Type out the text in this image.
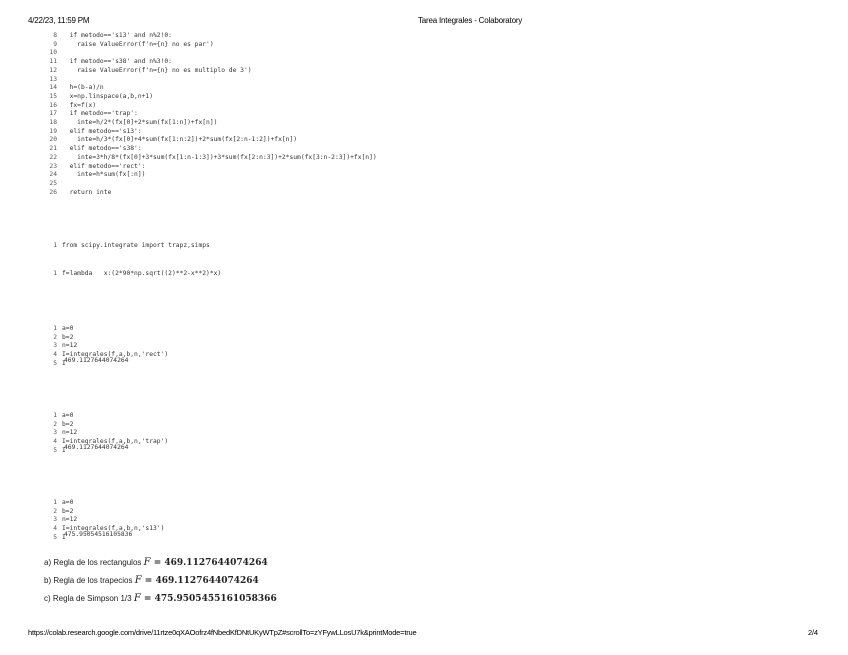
4/22/23, 11:59 PM	Tarea Integrales - Colaboratory
8  if metodo=='s13' and n%2!0:
9    raise ValueError(f'n={n} no es par')
10
11  if metodo=='s38' and n%3!0:
12    raise ValueError(f'n={n} no es multiplo de 3')
13
14  h=(b-a)/n
15  x=np.linspace(a,b,n+1)
16  fx=f(x)
17  if metodo=='trap':
18    inte=h/2*(fx[0]+2*sum(fx[1:n])+fx[n])
19  elif metodo=='s13':
20    inte=h/3*(fx[0]+4*sum(fx[1:n:2])+2*sum(fx[2:n-1:2])+fx[n])
21  elif metodo=='s38':
22    inte=3*h/8*(fx[0]+3*sum(fx[1:n-1:3])+3*sum(fx[2:n:3])+2*sum(fx[3:n-2:3])+fx[n])
23  elif metodo=='rect':
24    inte=h*sum(fx[:n])
25
26  return inte
1 from scipy.integrate import trapz,simps
1 f=lambda   x:(2*90*np.sqrt((2)**2-x**2)*x)
1 a=0
2 b=2
3 n=12
4 I=integrales(f,a,b,n,'rect')
5 I
469.1127644074264
1 a=0
2 b=2
3 n=12
4 I=integrales(f,a,b,n,'trap')
5 I
469.1127644074264
1 a=0
2 b=2
3 n=12
4 I=integrales(f,a,b,n,'s13')
5 I
475.95054516105836
a) Regla de los rectangulos F = 469.1127644074264
b) Regla de los trapecios F = 469.1127644074264
c) Regla de Simpson 1/3 F = 475.9505455161058366
https://colab.research.google.com/drive/11rtze0qXAOofrz4fNbedKfDNtUKyWTpZ#scrollTo=zYFywLLosU7k&printMode=true	2/4
